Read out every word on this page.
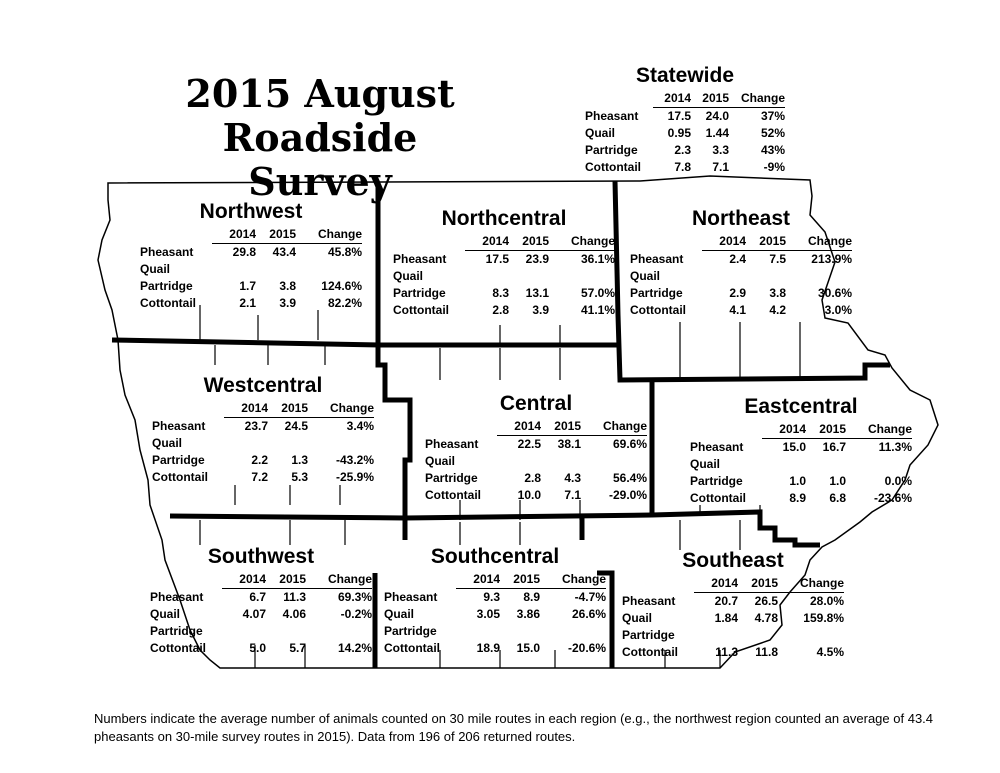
2015 August
Roadside Survey
Statewide
	2014	2015	Change
Pheasant	17.5	24.0	37%
Quail	0.95	1.44	52%
Partridge	2.3	3.3	43%
Cottontail	7.8	7.1	-9%
Northwest
	2014	2015	Change
Pheasant	29.8	43.4	45.8%
Quail			
Partridge	1.7	3.8	124.6%
Cottontail	2.1	3.9	82.2%
Northcentral
	2014	2015	Change
Pheasant	17.5	23.9	36.1%
Quail			
Partridge	8.3	13.1	57.0%
Cottontail	2.8	3.9	41.1%
Northeast
	2014	2015	Change
Pheasant	2.4	7.5	213.9%
Quail			
Partridge	2.9	3.8	30.6%
Cottontail	4.1	4.2	3.0%
Westcentral
	2014	2015	Change
Pheasant	23.7	24.5	3.4%
Quail			
Partridge	2.2	1.3	-43.2%
Cottontail	7.2	5.3	-25.9%
Central
	2014	2015	Change
Pheasant	22.5	38.1	69.6%
Quail			
Partridge	2.8	4.3	56.4%
Cottontail	10.0	7.1	-29.0%
Eastcentral
	2014	2015	Change
Pheasant	15.0	16.7	11.3%
Quail			
Partridge	1.0	1.0	0.0%
Cottontail	8.9	6.8	-23.6%
Southwest
	2014	2015	Change
Pheasant	6.7	11.3	69.3%
Quail	4.07	4.06	-0.2%
Partridge			
Cottontail	5.0	5.7	14.2%
Southcentral
	2014	2015	Change
Pheasant	9.3	8.9	-4.7%
Quail	3.05	3.86	26.6%
Partridge			
Cottontail	18.9	15.0	-20.6%
Southeast
	2014	2015	Change
Pheasant	20.7	26.5	28.0%
Quail	1.84	4.78	159.8%
Partridge			
Cottontail	11.3	11.8	4.5%
Numbers indicate the average number of animals counted on 30 mile routes in each region (e.g., the northwest region counted an average of 43.4 pheasants on 30-mile survey routes in 2015). Data from 196 of 206 returned routes.
